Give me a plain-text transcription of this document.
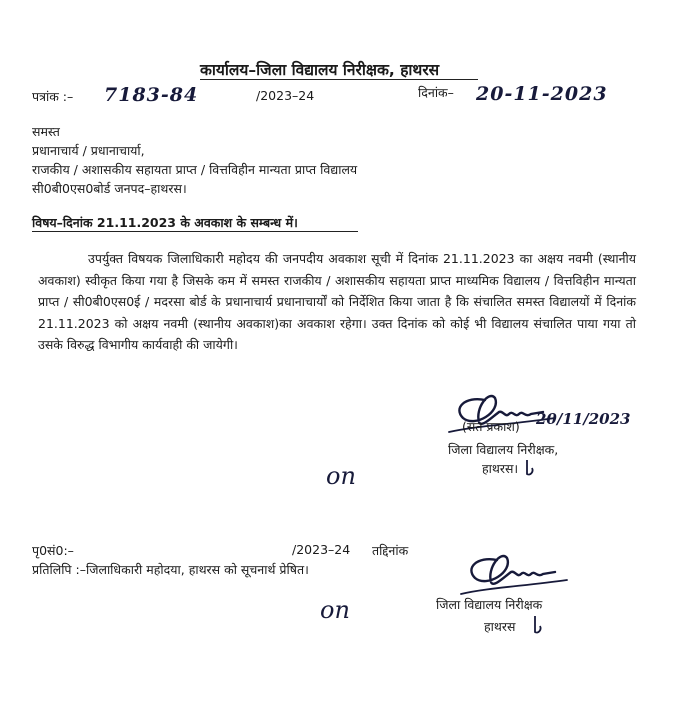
कार्यालय–जिला विद्यालय निरीक्षक, हाथरस
पत्रांक :– 7183-84	/2023–24	दिनांक– 20-11-2023
समस्त
प्रधानाचार्य / प्रधानाचार्या,
राजकीय / अशासकीय सहायता प्राप्त / वित्तविहीन मान्यता प्राप्त विद्यालय
सी0बी0एस0बोर्ड जनपद–हाथरस।
विषय–दिनांक 21.11.2023 के अवकाश के सम्बन्ध में।

उपर्युक्त विषयक जिलाधिकारी महोदय की जनपदीय अवकाश सूची में दिनांक 21.11.2023 का अक्षय नवमी (स्थानीय अवकाश) स्वीकृत किया गया है जिसके कम में समस्त राजकीय / अशासकीय सहायता प्राप्त माध्यमिक विद्यालय / वित्तविहीन मान्यता प्राप्त / सी0बी0एस0ई / मदरसा बोर्ड के प्रधानाचार्य प्रधानाचार्यों को निर्देशित किया जाता है कि संचालित समस्त विद्यालयों में दिनांक 21.11.2023 को अक्षय नवमी (स्थानीय अवकाश)का अवकाश रहेगा। उक्त दिनांक को कोई भी विद्यालय संचालित पाया गया तो उसके विरुद्ध विभागीय कार्यवाही की जायेगी।

(संत प्रकाश) 20/11/2023
जिला विद्यालय निरीक्षक,
हाथरस।
on
पृ0सं0:–	/2023–24 तद्दिनांक
प्रतिलिपि :–जिलाधिकारी महोदया, हाथरस को सूचनार्थ प्रेषित।
जिला विद्यालय निरीक्षक
हाथरस
on
